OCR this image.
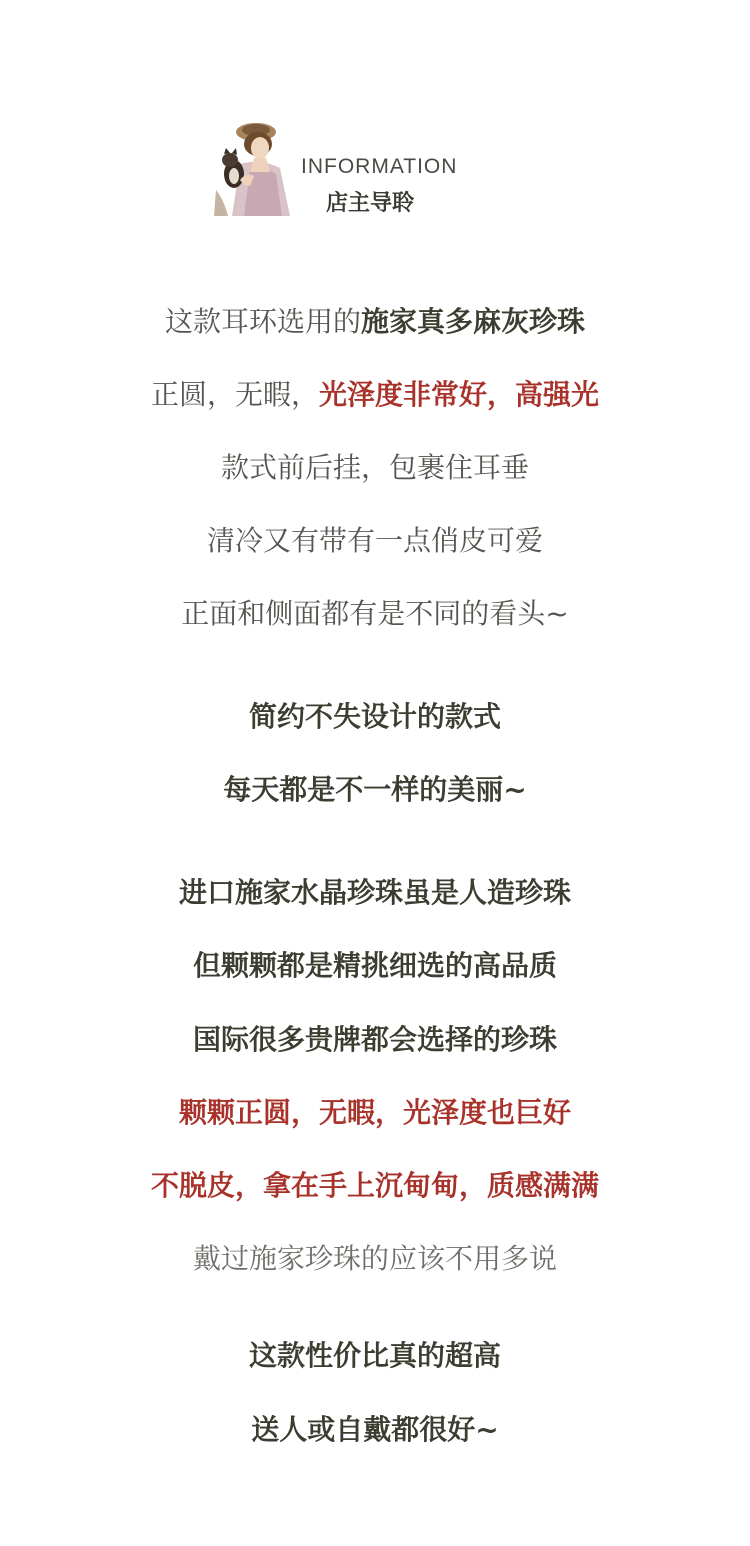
INFORMATION
店主导聆
这款耳环选用的施家真多麻灰珍珠
正圆，无暇，光泽度非常好，高强光
款式前后挂，包裹住耳垂
清冷又有带有一点俏皮可爱
正面和侧面都有是不同的看头~
简约不失设计的款式
每天都是不一样的美丽~
进口施家水晶珍珠虽是人造珍珠
但颗颗都是精挑细选的高品质
国际很多贵牌都会选择的珍珠
颗颗正圆，无暇，光泽度也巨好
不脱皮，拿在手上沉甸甸，质感满满
戴过施家珍珠的应该不用多说
这款性价比真的超高
送人或自戴都很好~
